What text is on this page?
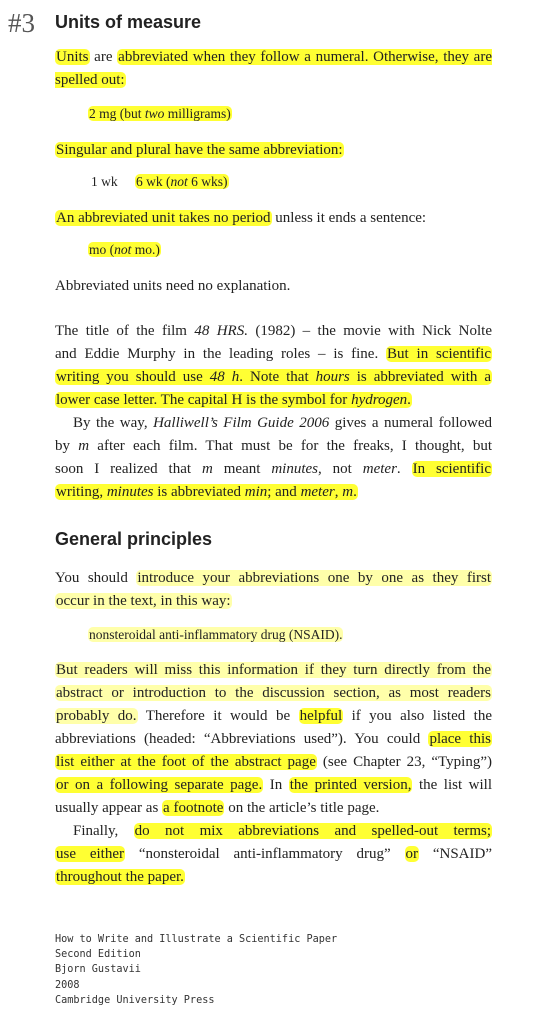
#3 Units of measure
Units are abbreviated when they follow a numeral. Otherwise, they are spelled out:
2 mg (but two milligrams)
Singular and plural have the same abbreviation:
1 wk 6 wk (not 6 wks)
An abbreviated unit takes no period unless it ends a sentence:
mo (not mo.)
Abbreviated units need no explanation.
The title of the film 48 HRS. (1982) – the movie with Nick Nolte
and Eddie Murphy in the leading roles – is fine. But in scientific
writing you should use 48 h. Note that hours is abbreviated with a
lower case letter. The capital H is the symbol for hydrogen.
By the way, Halliwell’s Film Guide 2006 gives a numeral followed
by m after each film. That must be for the freaks, I thought, but
soon I realized that m meant minutes, not meter. In scientific
writing, minutes is abbreviated min; and meter, m.
General principles
You should introduce your abbreviations one by one as they first
occur in the text, in this way:
nonsteroidal anti-inflammatory drug (NSAID).
But readers will miss this information if they turn directly from the
abstract or introduction to the discussion section, as most readers
probably do. Therefore it would be helpful if you also listed the
abbreviations (headed: “Abbreviations used”). You could place this
list either at the foot of the abstract page (see Chapter 23, “Typing”)
or on a following separate page. In the printed version, the list will
usually appear as a footnote on the article’s title page.
Finally, do not mix abbreviations and spelled-out terms;
use either “nonsteroidal anti-inflammatory drug” or “NSAID”
throughout the paper.
How to Write and Illustrate a Scientific Paper
Second Edition
Bjorn Gustavii
2008
Cambridge University Press
